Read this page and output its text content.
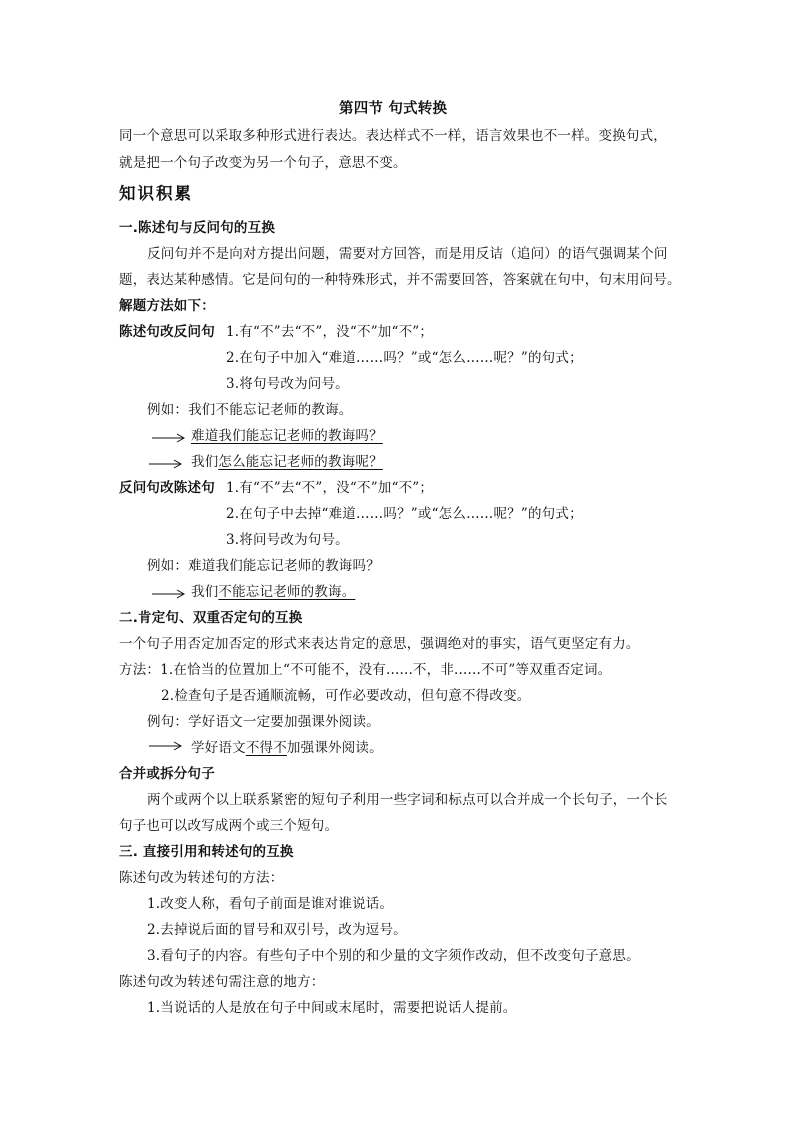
第四节 句式转换
同一个意思可以采取多种形式进行表达。表达样式不一样，语言效果也不一样。变换句式，
就是把一个句子改变为另一个句子，意思不变。
知识积累
一.陈述句与反问句的互换
反问句并不是向对方提出问题，需要对方回答，而是用反诘（追问）的语气强调某个问
题，表达某种感情。它是问句的一种特殊形式，并不需要回答，答案就在句中，句末用问号。
解题方法如下：
陈述句改反问句 1.有“不”去“不”，没“不”加“不”；
2.在句子中加入“难道……吗？”或“怎么……呢？”的句式；
3.将句号改为问号。
例如：我们不能忘记老师的教诲。
难道我们能忘记老师的教诲吗？
我们怎么能忘记老师的教诲呢？
反问句改陈述句 1.有“不”去“不”，没“不”加“不”；
2.在句子中去掉“难道……吗？”或“怎么……呢？”的句式；
3.将问号改为句号。
例如：难道我们能忘记老师的教诲吗？
我们不能忘记老师的教诲。
二.肯定句、双重否定句的互换
一个句子用否定加否定的形式来表达肯定的意思，强调绝对的事实，语气更坚定有力。
方法：1.在恰当的位置加上“不可能不，没有......不，非......不可”等双重否定词。
2.检查句子是否通顺流畅，可作必要改动，但句意不得改变。
例句：学好语文一定要加强课外阅读。
学好语文不得不加强课外阅读。
合并或拆分句子
两个或两个以上联系紧密的短句子利用一些字词和标点可以合并成一个长句子，一个长
句子也可以改写成两个或三个短句。
三. 直接引用和转述句的互换
陈述句改为转述句的方法：
1.改变人称，看句子前面是谁对谁说话。
2.去掉说后面的冒号和双引号，改为逗号。
3.看句子的内容。有些句子中个别的和少量的文字须作改动，但不改变句子意思。
陈述句改为转述句需注意的地方：
1.当说话的人是放在句子中间或末尾时，需要把说话人提前。
